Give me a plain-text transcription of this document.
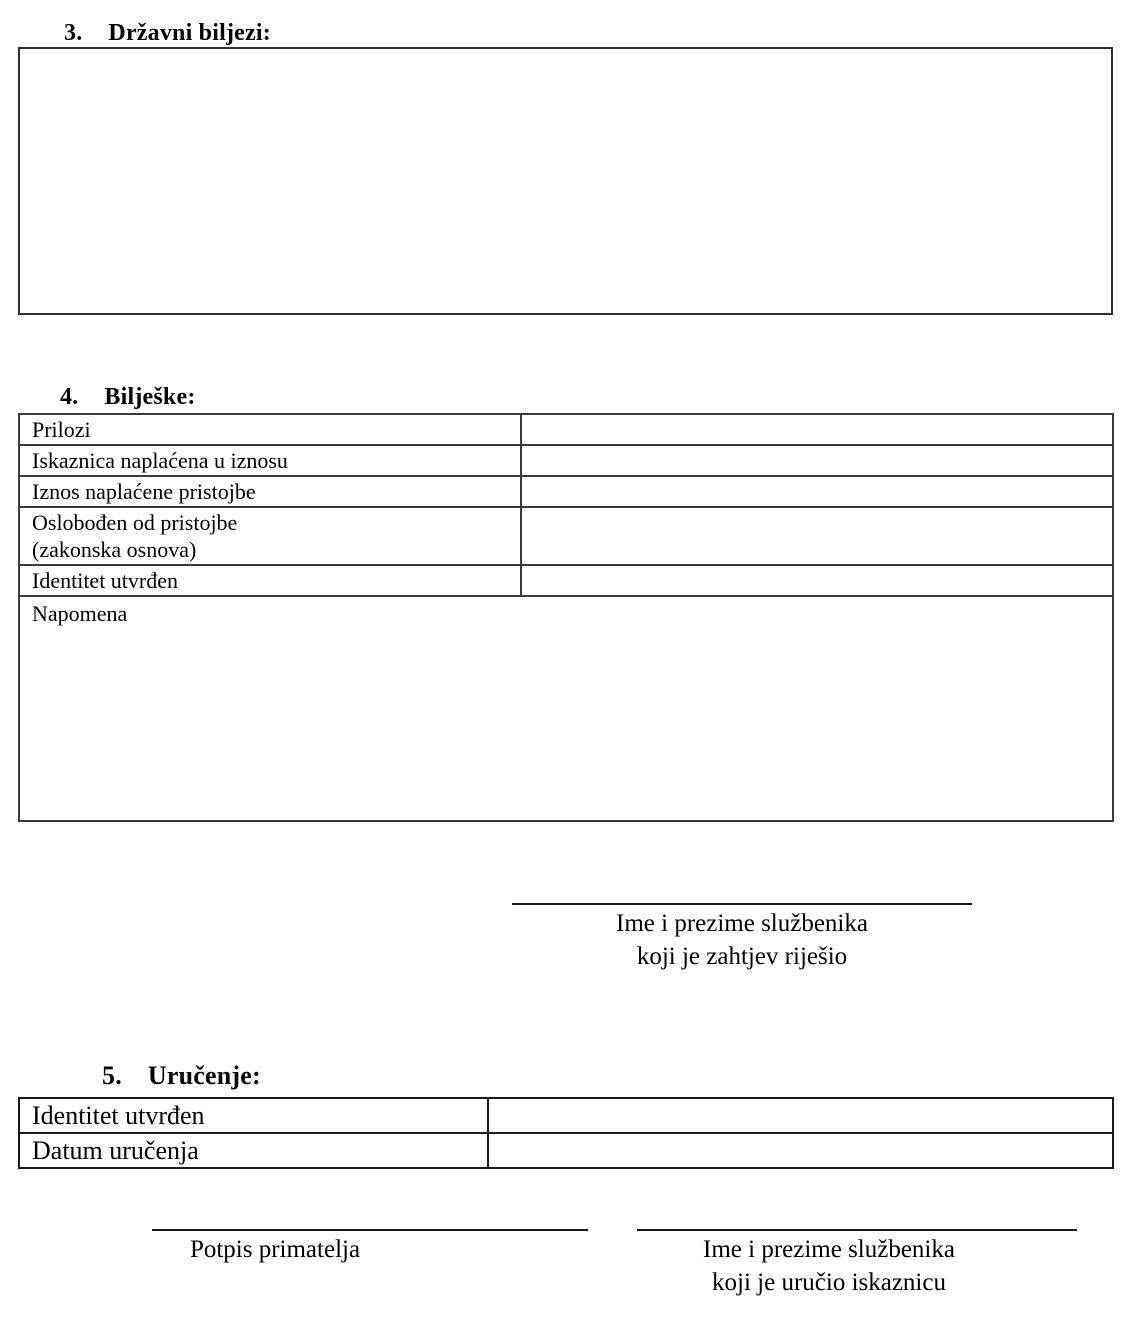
3. Državni biljezi:
4. Bilješke:
Prilozi	
Iskaznica naplaćena u iznosu	
Iznos naplaćene pristojbe	

Oslobođen od pristojbe
(zakonska osnova)	

Identitet utvrđen	

Napomena	
Ime i prezime službenika
koji je zahtjev riješio
5. Uručenje:
Identitet utvrđen	
Datum uručenja	
Potpis primatelja	Ime i prezime službenika
koji je uručio iskaznicu
